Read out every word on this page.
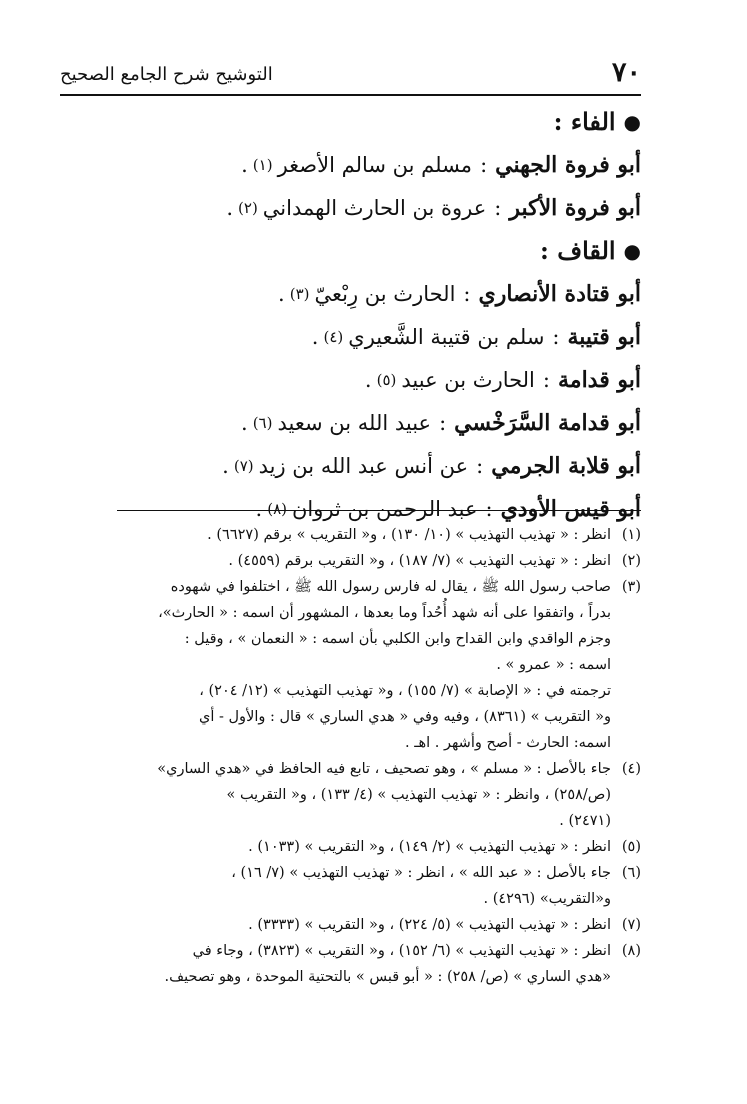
٧٠
التوشيح شرح الجامع الصحيح
●
الفاء :
أبو فروة الجهني
:
مسلم بن سالم الأصغر
(١)
.
أبو فروة الأكبر
:
عروة بن الحارث الهمداني
(٢)
.
●
القاف :
أبو قتادة الأنصاري
:
الحارث بن رِبْعيّ
(٣)
.
أبو قتيبة
:
سلم بن قتيبة الشَّعيري
(٤)
.
أبو قدامة
:
الحارث بن عبيد
(٥)
.
أبو قدامة السَّرَخْسي
:
عبيد الله بن سعيد
(٦)
.
أبو قلابة الجرمي
:
عن أنس عبد الله بن زيد
(٧)
.
أبو قيس الأودي
:
عبد الرحمن بن ثروان
(٨)
.
(١)
انظر : « تهذيب التهذيب » (١٠/ ١٣٠) ، و« التقريب » برقم (٦٦٢٧) .
(٢)
انظر : « تهذيب التهذيب » (٧/ ١٨٧) ، و« التقريب برقم (٤٥٥٩) .
(٣)
صاحب رسول الله ﷺ ، يقال له فارس رسول الله ﷺ ، اختلفوا في شهوده
بدراً ، واتفقوا على أنه شهد أُحُداً وما بعدها ، المشهور أن اسمه : « الحارث»،
وجزم الواقدي وابن القداح وابن الكلبي بأن اسمه : « النعمان » ، وقيل :
اسمه : « عمرو » .
ترجمته في : « الإصابة » (٧/ ١٥٥) ، و« تهذيب التهذيب » (١٢/ ٢٠٤) ،
و« التقريب » (٨٣٦١) ، وفيه وفي « هدي الساري » قال : والأول - أي
اسمه: الحارث - أصح وأشهر . اهـ .
(٤)
جاء بالأصل : « مسلم » ، وهو تصحيف ، تابع فيه الحافظ في «هدي الساري»
(ص/٢٥٨) ، وانظر : « تهذيب التهذيب » (٤/ ١٣٣) ، و« التقريب »
(٢٤٧١) .
(٥)
انظر : « تهذيب التهذيب » (٢/ ١٤٩) ، و« التقريب » (١٠٣٣) .
(٦)
جاء بالأصل : « عبد الله » ، انظر : « تهذيب التهذيب » (٧/ ١٦) ،
و«التقريب» (٤٢٩٦) .
(٧)
انظر : « تهذيب التهذيب » (٥/ ٢٢٤) ، و« التقريب » (٣٣٣٣) .
(٨)
انظر : « تهذيب التهذيب » (٦/ ١٥٢) ، و« التقريب » (٣٨٢٣) ، وجاء في
«هدي الساري » (ص/ ٢٥٨) : « أبو قبس » بالتحتية الموحدة ، وهو تصحيف.
